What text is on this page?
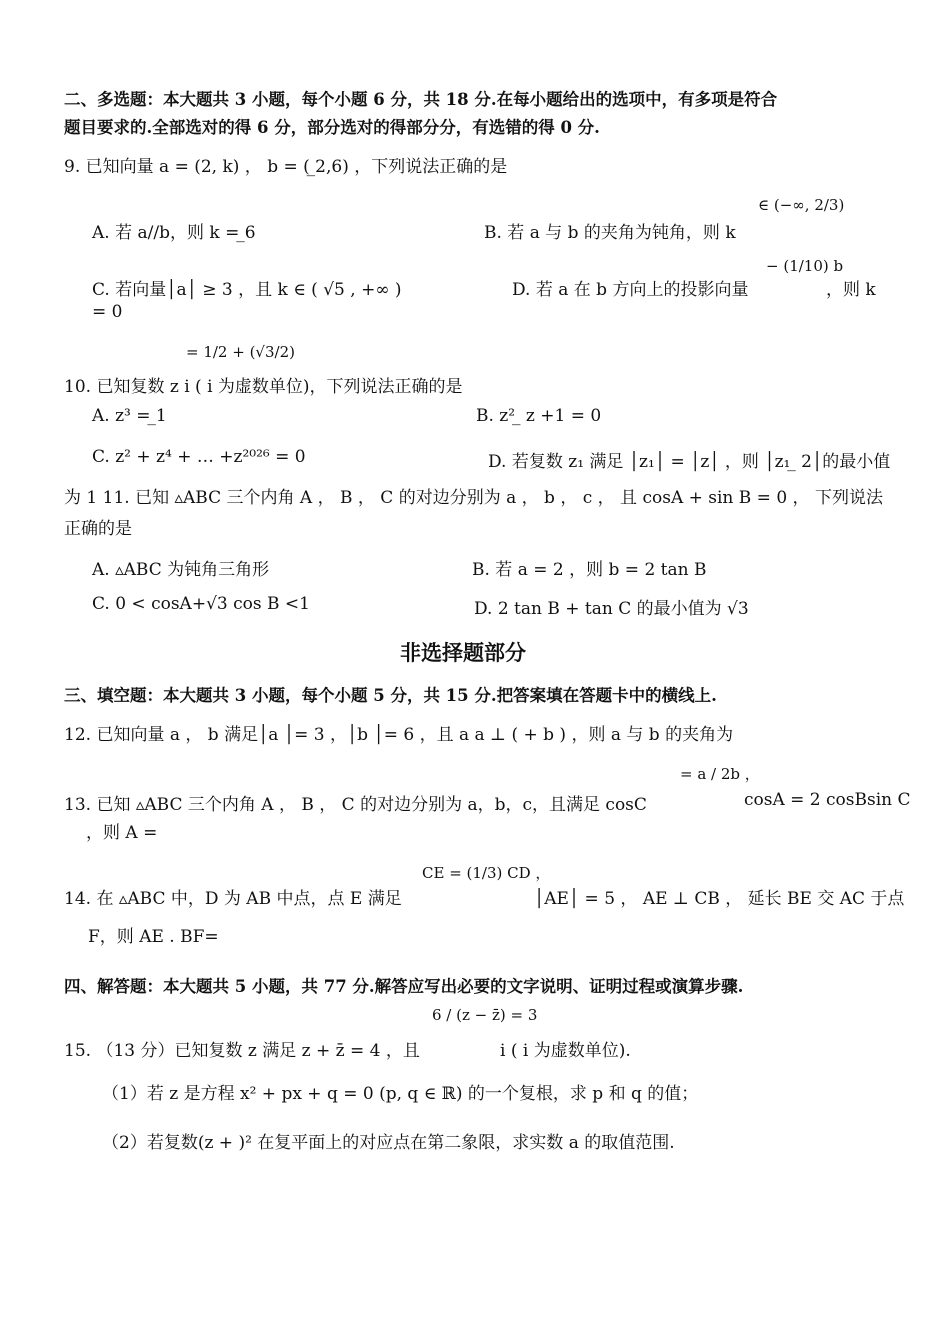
二、多选题：本大题共 3 小题，每个小题 6 分，共 18 分.在每小题给出的选项中，有多项是符合
题目要求的.全部选对的得 6 分，部分选对的得部分分，有选错的得 0 分.
9. 已知向量 a = (2, k) ， b = ( ̲2,6) ，下列说法正确的是
A. 若 a//b，则 k = ̲6	B. 若 a 与 b 的夹角为钝角，则 k
∈ (−∞, 2/3)
C. 若向量│a│ ≥ 3 ，且 k ∈ ( √5 , +∞ )	D. 若 a 在 b 方向上的投影向量
− (1/10) b
，则 k
= 0
= 1/2 + (√3/2)
10. 已知复数 z i ( i 为虚数单位)，下列说法正确的是
A. z³ = ̲1	B. z² ̲ z +1 = 0
C. z² + z⁴ + … +z²⁰²⁶ = 0	D. 若复数 z₁ 满足 │z₁│ = │z│ ，则 │z₁ ̲ 2│的最小值
为 1 11. 已知 ▵ABC 三个内角 A ， B ， C 的对边分别为 a ， b ， c ， 且 cosA + sin B = 0 ， 下列说法
正确的是
A. ▵ABC 为钝角三角形	B. 若 a = 2 ，则 b = 2 tan B
C. 0 < cosA+√3 cos B <1	D. 2 tan B + tan C 的最小值为 √3
非选择题部分
三、填空题：本大题共 3 小题，每个小题 5 分，共 15 分.把答案填在答题卡中的横线上.
12. 已知向量 a ， b 满足│a │= 3 ，│b │= 6 ，且 a a ⊥ ( + b ) ，则 a 与 b 的夹角为
= a / 2b ，
13. 已知 ▵ABC 三个内角 A ， B ， C 的对边分别为 a，b，c，且满足 cosC	cosA = 2 cosBsin C
，则 A =
CE = (1/3) CD ，
14. 在 ▵ABC 中，D 为 AB 中点，点 E 满足	│AE│ = 5 ， AE ⊥ CB ， 延长 BE 交 AC 于点
F，则 AE . BF=
四、解答题：本大题共 5 小题，共 77 分.解答应写出必要的文字说明、证明过程或演算步骤.
6 / (z − z̄) = 3
15. （13 分）已知复数 z 满足 z + z̄ = 4 ，且	i ( i 为虚数单位).
（1）若 z 是方程 x² + px + q = 0 (p, q ∈ ℝ) 的一个复根，求 p 和 q 的值；
（2）若复数(z + )² 在复平面上的对应点在第二象限，求实数 a 的取值范围.
